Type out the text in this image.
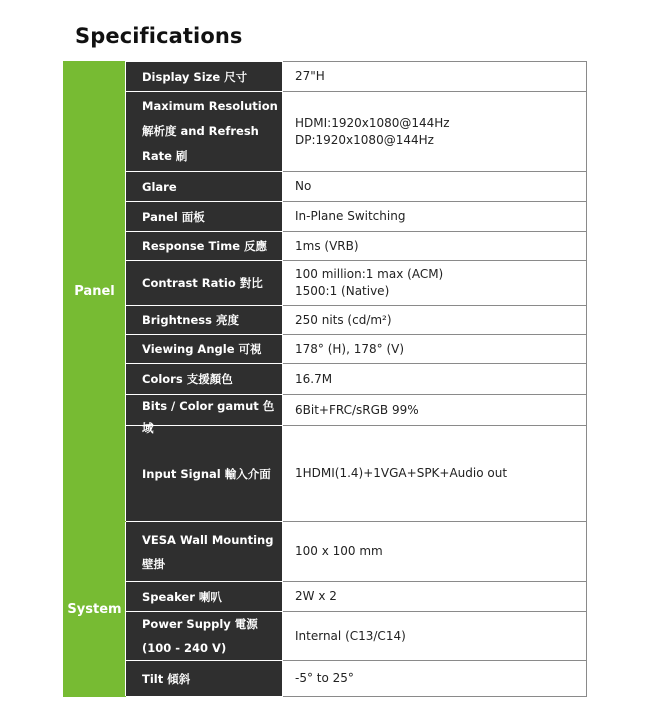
Specifications
Panel	Display Size 尺寸	27"H

	Maximum Resolution 解析度 and Refresh Rate 刷	HDMI:1920x1080@144Hz
DP:1920x1080@144Hz

	Glare	No

	Panel 面板	In-Plane Switching

	Response Time 反應	1ms (VRB)

	Contrast Ratio 對比	100 million:1 max (ACM)
1500:1 (Native)

	Brightness 亮度	250 nits (cd/m²)

	Viewing Angle 可視	178° (H), 178° (V)

	Colors 支援顏色	16.7M

	Bits / Color gamut 色域	6Bit+FRC/sRGB 99%

	Input Signal 輸入介面	1HDMI(1.4)+1VGA+SPK+Audio out

System	VESA Wall Mounting 壁掛	100 x 100 mm

	Speaker 喇叭	2W x 2

	Power Supply 電源 (100 - 240 V)	Internal (C13/C14)

	Tilt 傾斜	-5° to 25°
